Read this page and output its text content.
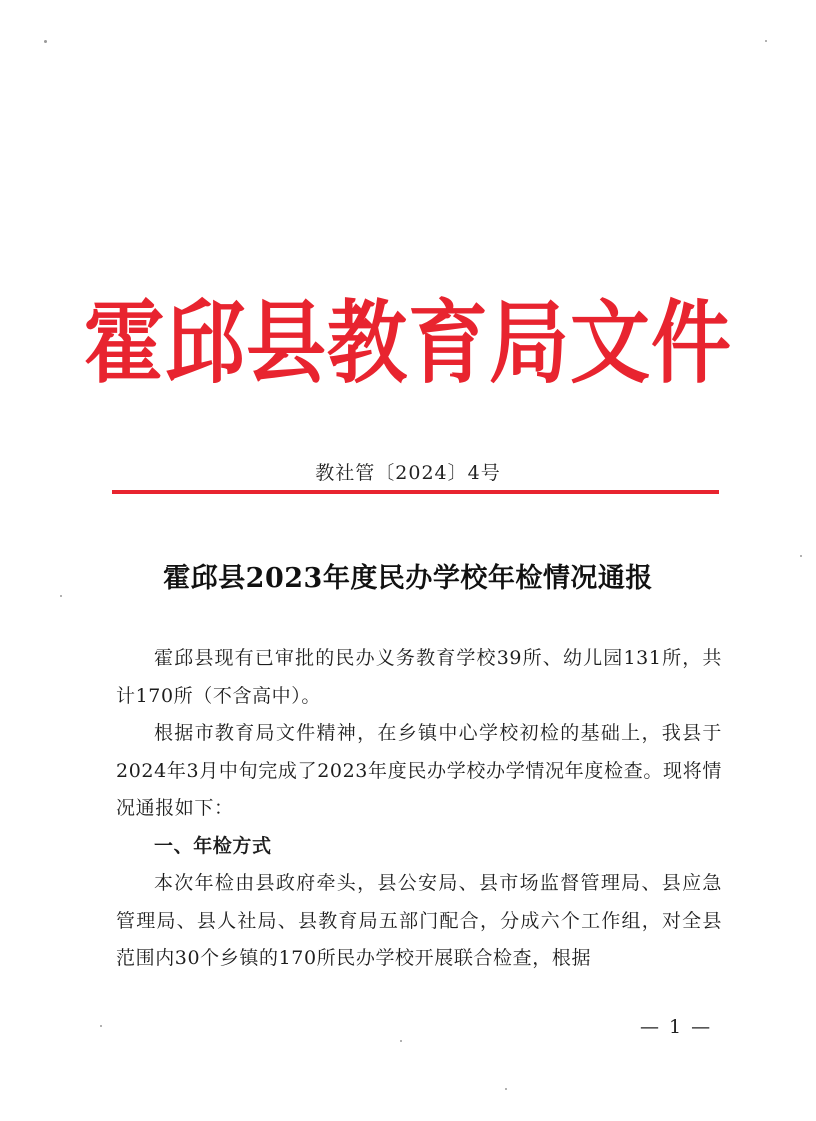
霍邱县教育局文件
教社管〔2024〕4号
霍邱县2023年度民办学校年检情况通报

霍邱县现有已审批的民办义务教育学校39所、幼儿园131所，共计170所（不含高中）。

根据市教育局文件精神，在乡镇中心学校初检的基础上，我县于2024年3月中旬完成了2023年度民办学校办学情况年度检查。现将情况通报如下：

一、年检方式

本次年检由县政府牵头，县公安局、县市场监督管理局、县应急管理局、县人社局、县教育局五部门配合，分成六个工作组，对全县范围内30个乡镇的170所民办学校开展联合检查，根据

— 1 —
